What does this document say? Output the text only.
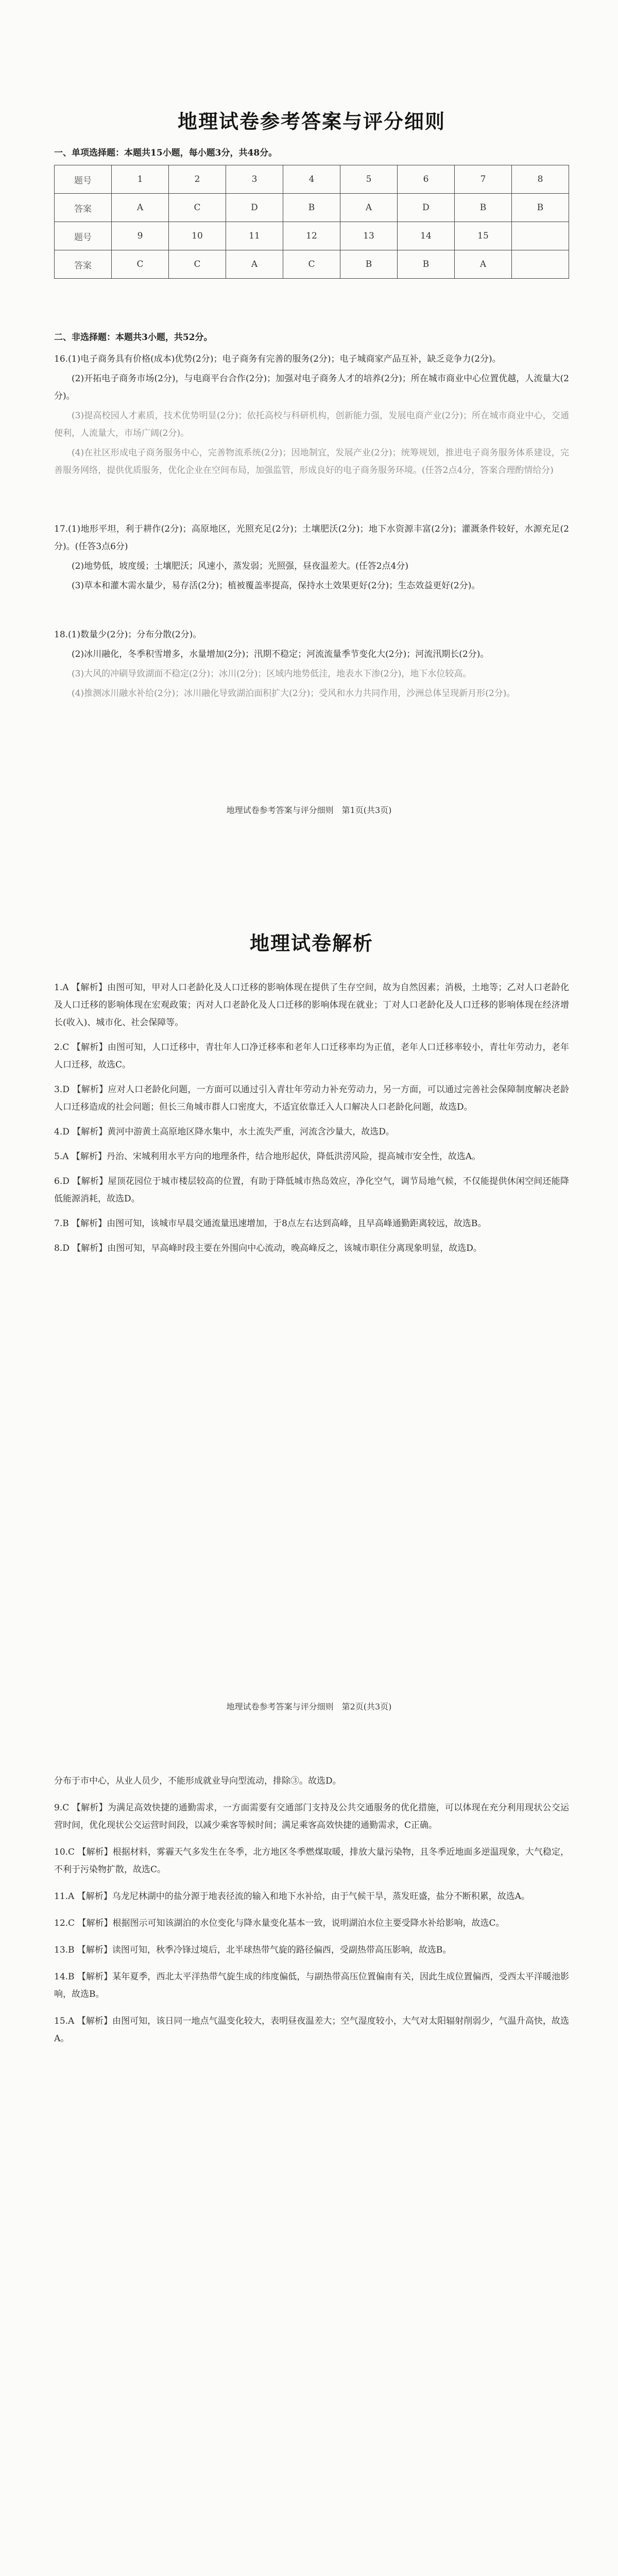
地理试卷参考答案与评分细则

一、单项选择题：本题共15小题，每小题3分，共48分。

题号	1	2	3	4	5	6	7	8
答案	A	C	D	B	A	D	B	B
题号	9	10	11	12	13	14	15	
答案	C	C	A	C	B	B	A	

二、非选择题：本题共3小题，共52分。

16.(1)电子商务具有价格(成本)优势(2分)；电子商务有完善的服务(2分)；电子城商家产品互补，缺乏竞争力(2分)。

(2)开拓电子商务市场(2分)，与电商平台合作(2分)；加强对电子商务人才的培养(2分)；所在城市商业中心位置优越，人流量大(2分)。

(3)提高校园人才素质，技术优势明显(2分)；依托高校与科研机构，创新能力强，发展电商产业(2分)；所在城市商业中心，交通便利，人流量大，市场广阔(2分)。

(4)在社区形成电子商务服务中心，完善物流系统(2分)；因地制宜，发展产业(2分)；统筹规划，推进电子商务服务体系建设，完善服务网络，提供优质服务，优化企业在空间布局，加强监管，形成良好的电子商务服务环境。(任答2点4分，答案合理酌情给分)

17.(1)地形平坦，利于耕作(2分)；高原地区，光照充足(2分)；土壤肥沃(2分)；地下水资源丰富(2分)；灌溉条件较好，水源充足(2分)。(任答3点6分)

(2)地势低，坡度缓；土壤肥沃；风速小，蒸发弱；光照强，昼夜温差大。(任答2点4分)

(3)草本和灌木需水量少，易存活(2分)；植被覆盖率提高，保持水土效果更好(2分)；生态效益更好(2分)。

18.(1)数量少(2分)；分布分散(2分)。

(2)冰川融化，冬季积雪增多，水量增加(2分)；汛期不稳定；河流流量季节变化大(2分)；河流汛期长(2分)。

(3)大风的冲刷导致湖面不稳定(2分)；冰川(2分)；区域内地势低洼，地表水下渗(2分)，地下水位较高。

(4)推测冰川融水补给(2分)；冰川融化导致湖泊面积扩大(2分)；受风和水力共同作用，沙洲总体呈现新月形(2分)。

地理试卷参考答案与评分细则　第1页(共3页)
地理试卷解析

1.A 【解析】由图可知，甲对人口老龄化及人口迁移的影响体现在提供了生存空间，故为自然因素；消极，土地等；乙对人口老龄化及人口迁移的影响体现在宏观政策；丙对人口老龄化及人口迁移的影响体现在就业；丁对人口老龄化及人口迁移的影响体现在经济增长(收入)、城市化、社会保障等。

2.C 【解析】由图可知，人口迁移中，青壮年人口净迁移率和老年人口迁移率均为正值，老年人口迁移率较小，青壮年劳动力，老年人口迁移，故选C。

3.D 【解析】应对人口老龄化问题，一方面可以通过引入青壮年劳动力补充劳动力，另一方面，可以通过完善社会保障制度解决老龄人口迁移造成的社会问题；但长三角城市群人口密度大，不适宜依靠迁入人口解决人口老龄化问题，故选D。

4.D 【解析】黄河中游黄土高原地区降水集中，水土流失严重，河流含沙量大，故选D。

5.A 【解析】丹治、宋城利用水平方向的地理条件，结合地形起伏，降低洪涝风险，提高城市安全性，故选A。

6.D 【解析】屋顶花园位于城市楼层较高的位置，有助于降低城市热岛效应，净化空气，调节局地气候，不仅能提供休闲空间还能降低能源消耗，故选D。

7.B 【解析】由图可知，该城市早晨交通流量迅速增加，于8点左右达到高峰，且早高峰通勤距离较远，故选B。

8.D 【解析】由图可知，早高峰时段主要在外围向中心流动，晚高峰反之，该城市职住分离现象明显，故选D。

地理试卷参考答案与评分细则　第2页(共3页)

分布于市中心，从业人员少，不能形成就业导向型流动，排除③。故选D。

9.C 【解析】为满足高效快捷的通勤需求，一方面需要有交通部门支持及公共交通服务的优化措施，可以体现在充分利用现状公交运营时间，优化现状公交运营时间段，以减少乘客等候时间；满足乘客高效快捷的通勤需求，C正确。

10.C 【解析】根据材料，雾霾天气多发生在冬季，北方地区冬季燃煤取暖，排放大量污染物，且冬季近地面多逆温现象，大气稳定，不利于污染物扩散，故选C。

11.A 【解析】乌龙尼林湖中的盐分源于地表径流的输入和地下水补给，由于气候干旱，蒸发旺盛，盐分不断积累，故选A。

12.C 【解析】根据图示可知该湖泊的水位变化与降水量变化基本一致，说明湖泊水位主要受降水补给影响，故选C。

13.B 【解析】读图可知，秋季冷锋过境后，北半球热带气旋的路径偏西，受副热带高压影响，故选B。

14.B 【解析】某年夏季，西北太平洋热带气旋生成的纬度偏低，与副热带高压位置偏南有关，因此生成位置偏西，受西太平洋暖池影响，故选B。

15.A 【解析】由图可知，该日同一地点气温变化较大，表明昼夜温差大；空气湿度较小，大气对太阳辐射削弱少，气温升高快，故选A。
